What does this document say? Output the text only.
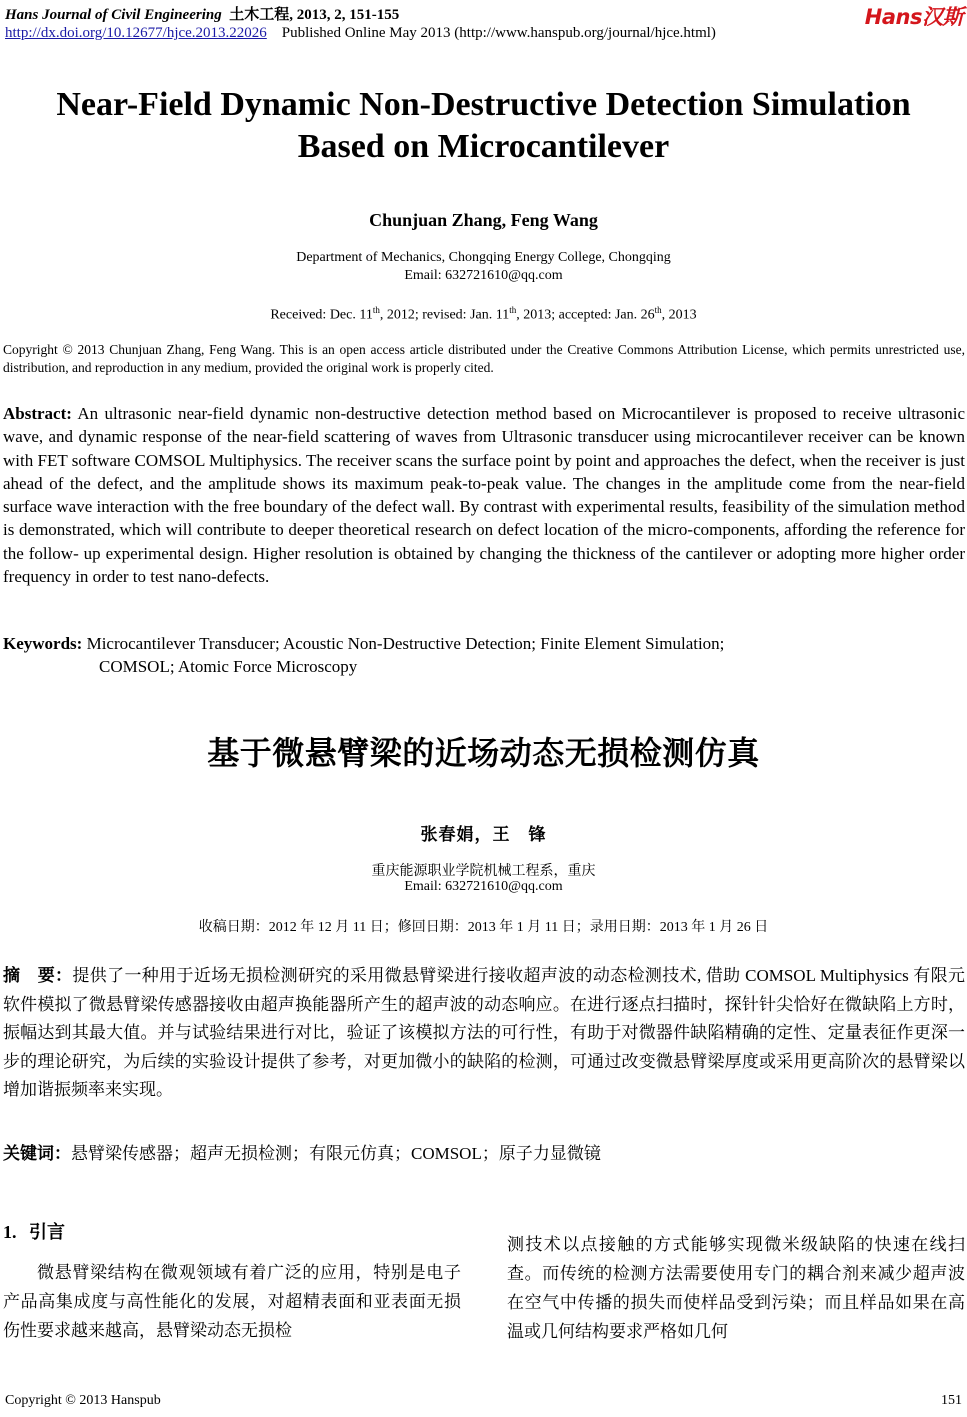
Hans Journal of Civil Engineering 土木工程, 2013, 2, 151-155
http://dx.doi.org/10.12677/hjce.2013.22026 Published Online May 2013 (http://www.hanspub.org/journal/hjce.html)
Hans汉斯
Near-Field Dynamic Non-Destructive Detection Simulation
Based on Microcantilever
Chunjuan Zhang, Feng Wang
Department of Mechanics, Chongqing Energy College, Chongqing
Email: 632721610@qq.com
Received: Dec. 11th, 2012; revised: Jan. 11th, 2013; accepted: Jan. 26th, 2013
Copyright © 2013 Chunjuan Zhang, Feng Wang. This is an open access article distributed under the Creative Commons Attribution License, which permits unrestricted use, distribution, and reproduction in any medium, provided the original work is properly cited.
Abstract: An ultrasonic near-field dynamic non-destructive detection method based on Microcantilever is proposed to receive ultrasonic wave, and dynamic response of the near-field scattering of waves from Ultrasonic transducer using microcantilever receiver can be known with FET software COMSOL Multiphysics. The receiver scans the surface point by point and approaches the defect, when the receiver is just ahead of the defect, and the amplitude shows its maximum peak-to-peak value. The changes in the amplitude come from the near-field surface wave interaction with the free boundary of the defect wall. By contrast with experimental results, feasibility of the simulation method is demonstrated, which will contribute to deeper theoretical research on defect location of the micro-components, affording the reference for the follow- up experimental design. Higher resolution is obtained by changing the thickness of the cantilever or adopting more higher order frequency in order to test nano-defects.
Keywords: Microcantilever Transducer; Acoustic Non-Destructive Detection; Finite Element Simulation;
COMSOL; Atomic Force Microscopy
基于微悬臂梁的近场动态无损检测仿真
张春娟，王　锋
重庆能源职业学院机械工程系，重庆
Email: 632721610@qq.com
收稿日期：2012 年 12 月 11 日；修回日期：2013 年 1 月 11 日；录用日期：2013 年 1 月 26 日
摘　要：提供了一种用于近场无损检测研究的采用微悬臂梁进行接收超声波的动态检测技术, 借助 COMSOL Multiphysics 有限元软件模拟了微悬臂梁传感器接收由超声换能器所产生的超声波的动态响应。在进行逐点扫描时，探针针尖恰好在微缺陷上方时，振幅达到其最大值。并与试验结果进行对比，验证了该模拟方法的可行性，有助于对微器件缺陷精确的定性、定量表征作更深一步的理论研究，为后续的实验设计提供了参考，对更加微小的缺陷的检测，可通过改变微悬臂梁厚度或采用更高阶次的悬臂梁以增加谐振频率来实现。
关键词：悬臂梁传感器；超声无损检测；有限元仿真；COMSOL；原子力显微镜
1. 引言
微悬臂梁结构在微观领域有着广泛的应用，特别是电子产品高集成度与高性能化的发展，对超精表面和亚表面无损伤性要求越来越高，悬臂梁动态无损检
测技术以点接触的方式能够实现微米级缺陷的快速在线扫查。而传统的检测方法需要使用专门的耦合剂来减少超声波在空气中传播的损失而使样品受到污染；而且样品如果在高温或几何结构要求严格如几何
Copyright © 2013 Hanspub	151
